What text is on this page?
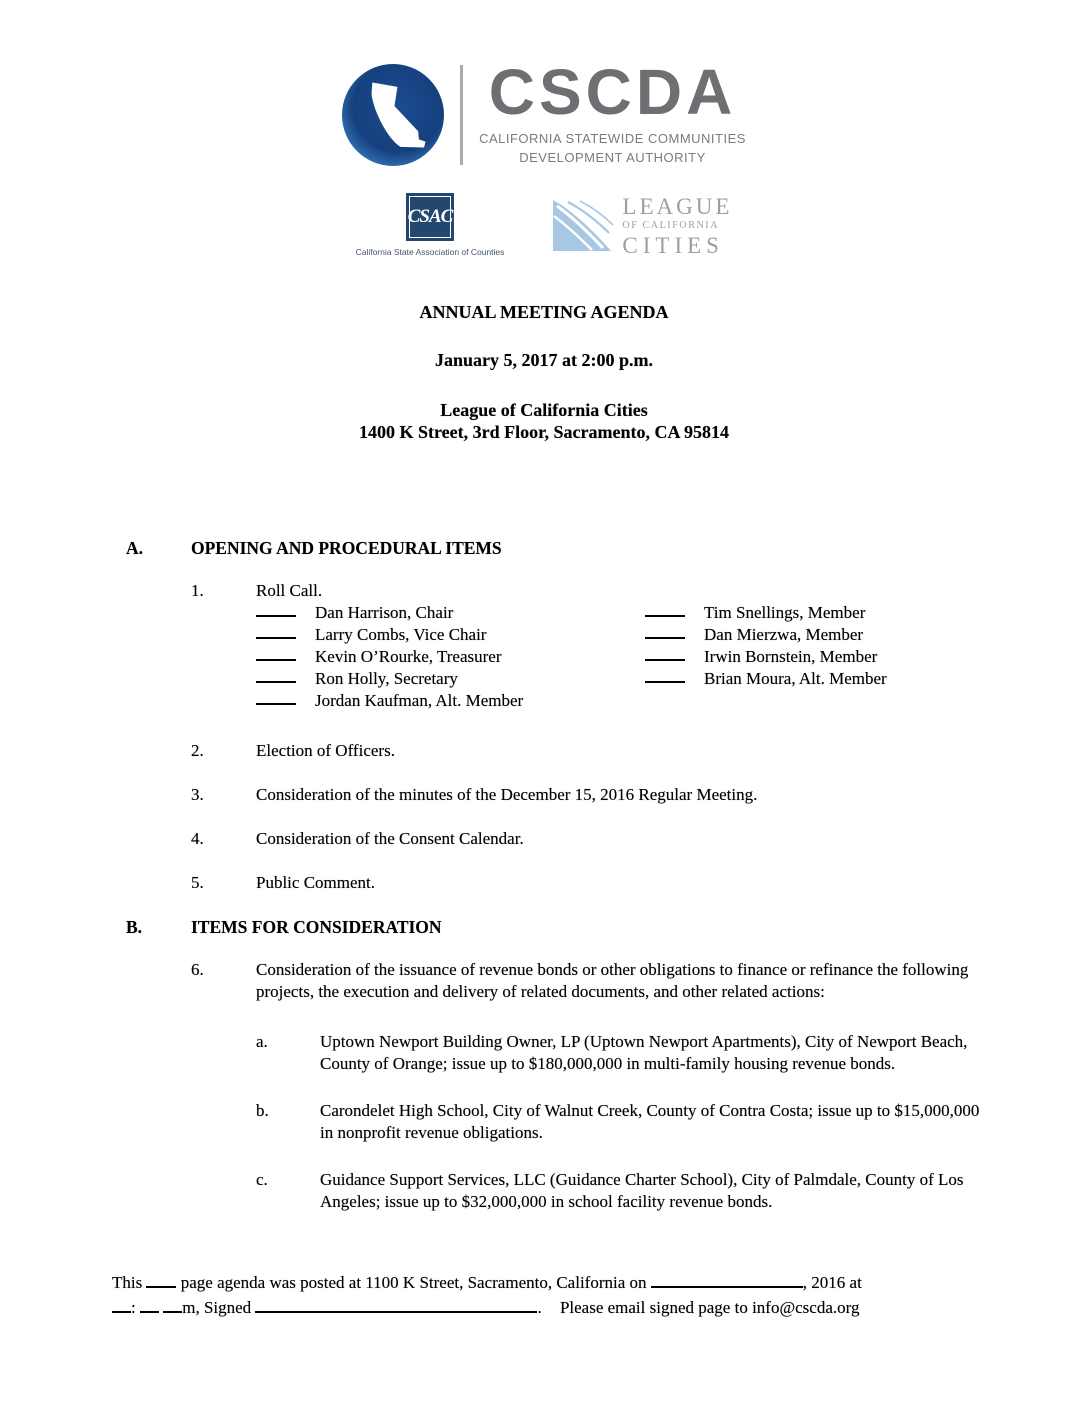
CSCDA
CALIFORNIA STATEWIDE COMMUNITIES
DEVELOPMENT AUTHORITY
CSAC
California State Association of Counties
LEAGUE
OF CALIFORNIA
CITIES
ANNUAL MEETING AGENDA
January 5, 2017 at 2:00 p.m.
League of California Cities
1400 K Street, 3rd Floor, Sacramento, CA 95814
A.	OPENING AND PROCEDURAL ITEMS
1.	Roll Call.
Dan Harrison, Chair
Larry Combs, Vice Chair
Kevin O’Rourke, Treasurer
Ron Holly, Secretary
Jordan Kaufman, Alt. Member
Tim Snellings, Member
Dan Mierzwa, Member
Irwin Bornstein, Member
Brian Moura, Alt. Member
2.	Election of Officers.
3.	Consideration of the minutes of the December 15, 2016 Regular Meeting.
4.	Consideration of the Consent Calendar.
5.	Public Comment.
B.	ITEMS FOR CONSIDERATION
6.	Consideration of the issuance of revenue bonds or other obligations to finance or refinance the following projects, the execution and delivery of related documents, and other related actions:
a.	Uptown Newport Building Owner, LP (Uptown Newport Apartments), City of Newport Beach, County of Orange; issue up to $180,000,000 in multi-family housing revenue bonds.
b.	Carondelet High School, City of Walnut Creek, County of Contra Costa; issue up to $15,000,000 in nonprofit revenue obligations.
c.	Guidance Support Services, LLC (Guidance Charter School), City of Palmdale, County of Los Angeles; issue up to $32,000,000 in school facility revenue bonds.
This page agenda was posted at 1100 K Street, Sacramento, California on	, 2016 at
:	m, Signed	. Please email signed page to info@cscda.org
